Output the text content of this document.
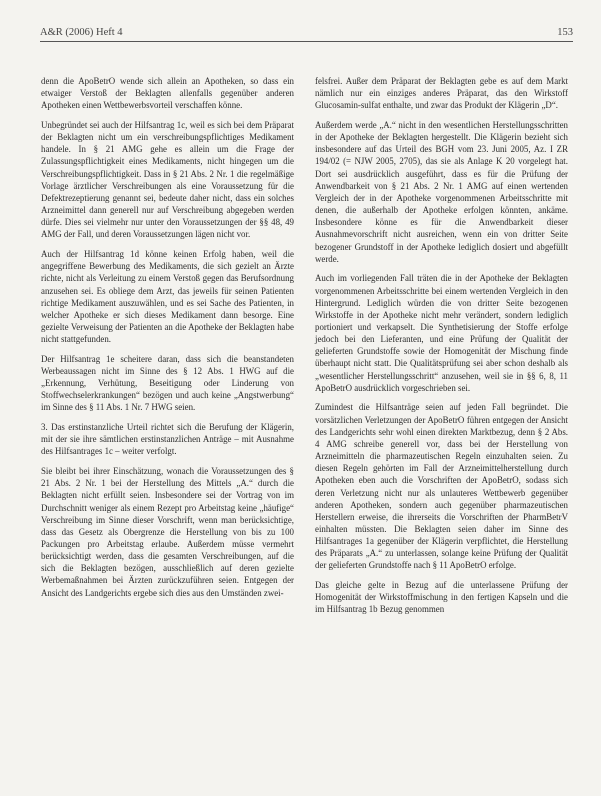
A&R (2006) Heft 4	153

denn die ApoBetrO wende sich allein an Apotheken, so dass ein etwaiger Verstoß der Beklagten allenfalls gegenüber anderen Apotheken einen Wettbewerbsvorteil verschaffen könne.

Unbegründet sei auch der Hilfsantrag 1c, weil es sich bei dem Präparat der Beklagten nicht um ein verschreibungspflichtiges Medikament handele. In § 21 AMG gehe es allein um die Frage der Zulassungspflichtigkeit eines Medikaments, nicht hingegen um die Verschreibungspflichtigkeit. Dass in § 21 Abs. 2 Nr. 1 die regelmäßige Vorlage ärztlicher Verschreibungen als eine Voraussetzung für die Defektrezeptierung genannt sei, bedeute daher nicht, dass ein solches Arzneimittel dann generell nur auf Verschreibung abgegeben werden dürfe. Dies sei vielmehr nur unter den Voraussetzungen der §§ 48, 49 AMG der Fall, und deren Voraussetzungen lägen nicht vor.

Auch der Hilfsantrag 1d könne keinen Erfolg haben, weil die angegriffene Bewerbung des Medikaments, die sich gezielt an Ärzte richte, nicht als Verleitung zu einem Verstoß gegen das Berufsordnung anzusehen sei. Es obliege dem Arzt, das jeweils für seinen Patienten richtige Medikament auszuwählen, und es sei Sache des Patienten, in welcher Apotheke er sich dieses Medikament dann besorge. Eine gezielte Verweisung der Patienten an die Apotheke der Beklagten habe nicht stattgefunden.

Der Hilfsantrag 1e scheitere daran, dass sich die beanstandeten Werbeaussagen nicht im Sinne des § 12 Abs. 1 HWG auf die „Erkennung, Verhütung, Beseitigung oder Linderung von Stoffwechselerkrankungen“ bezögen und auch keine „Angstwerbung“ im Sinne des § 11 Abs. 1 Nr. 7 HWG seien.

3. Das erstinstanzliche Urteil richtet sich die Berufung der Klägerin, mit der sie ihre sämtlichen erstinstanzlichen Anträge – mit Ausnahme des Hilfsantrages 1c – weiter verfolgt.

Sie bleibt bei ihrer Einschätzung, wonach die Voraussetzungen des § 21 Abs. 2 Nr. 1 bei der Herstellung des Mittels „A.“ durch die Beklagten nicht erfüllt seien. Insbesondere sei der Vortrag von im Durchschnitt weniger als einem Rezept pro Arbeitstag keine „häufige“ Verschreibung im Sinne dieser Vorschrift, wenn man berücksichtige, dass das Gesetz als Obergrenze die Herstellung von bis zu 100 Packungen pro Arbeitstag erlaube. Außerdem müsse vermehrt berücksichtigt werden, dass die gesamten Verschreibungen, auf die sich die Beklagten bezögen, ausschließlich auf deren gezielte Werbemaßnahmen bei Ärzten zurückzuführen seien. Entgegen der Ansicht des Landgerichts ergebe sich dies aus den Umständen zwei-

felsfrei. Außer dem Präparat der Beklagten gebe es auf dem Markt nämlich nur ein einziges anderes Präparat, das den Wirkstoff Glucosamin-sulfat enthalte, und zwar das Produkt der Klägerin „D“.

Außerdem werde „A.“ nicht in den wesentlichen Herstellungsschritten in der Apotheke der Beklagten hergestellt. Die Klägerin bezieht sich insbesondere auf das Urteil des BGH vom 23. Juni 2005, Az. I ZR 194/02 (= NJW 2005, 2705), das sie als Anlage K 20 vorgelegt hat. Dort sei ausdrücklich ausgeführt, dass es für die Prüfung der Anwendbarkeit von § 21 Abs. 2 Nr. 1 AMG auf einen wertenden Vergleich der in der Apotheke vorgenommenen Arbeitsschritte mit denen, die außerhalb der Apotheke erfolgen könnten, ankäme. Insbesondere könne es für die Anwendbarkeit dieser Ausnahmevorschrift nicht ausreichen, wenn ein von dritter Seite bezogener Grundstoff in der Apotheke lediglich dosiert und abgefüllt werde.

Auch im vorliegenden Fall träten die in der Apotheke der Beklagten vorgenommenen Arbeitsschritte bei einem wertenden Vergleich in den Hintergrund. Lediglich würden die von dritter Seite bezogenen Wirkstoffe in der Apotheke nicht mehr verändert, sondern lediglich portioniert und verkapselt. Die Synthetisierung der Stoffe erfolge jedoch bei den Lieferanten, und eine Prüfung der Qualität der gelieferten Grundstoffe sowie der Homogenität der Mischung finde überhaupt nicht statt. Die Qualitätsprüfung sei aber schon deshalb als „wesentlicher Herstellungsschritt“ anzusehen, weil sie in §§ 6, 8, 11 ApoBetrO ausdrücklich vorgeschrieben sei.

Zumindest die Hilfsanträge seien auf jeden Fall begründet. Die vorsätzlichen Verletzungen der ApoBetrO führen entgegen der Ansicht des Landgerichts sehr wohl einen direkten Marktbezug, denn § 2 Abs. 4 AMG schreibe generell vor, dass bei der Herstellung von Arzneimitteln die pharmazeutischen Regeln einzuhalten seien. Zu diesen Regeln gehörten im Fall der Arzneimittelherstellung durch Apotheken eben auch die Vorschriften der ApoBetrO, sodass sich deren Verletzung nicht nur als unlauteres Wettbewerb gegenüber anderen Apotheken, sondern auch gegenüber pharmazeutischen Herstellern erweise, die ihrerseits die Vorschriften der PharmBetrV einhalten müssten. Die Beklagten seien daher im Sinne des Hilfsantrages 1a gegenüber der Klägerin verpflichtet, die Herstellung des Präparats „A.“ zu unterlassen, solange keine Prüfung der Qualität der gelieferten Grundstoffe nach § 11 ApoBetrO erfolge.

Das gleiche gelte in Bezug auf die unterlassene Prüfung der Homogenität der Wirkstoffmischung in den fertigen Kapseln und die im Hilfsantrag 1b Bezug genommen
